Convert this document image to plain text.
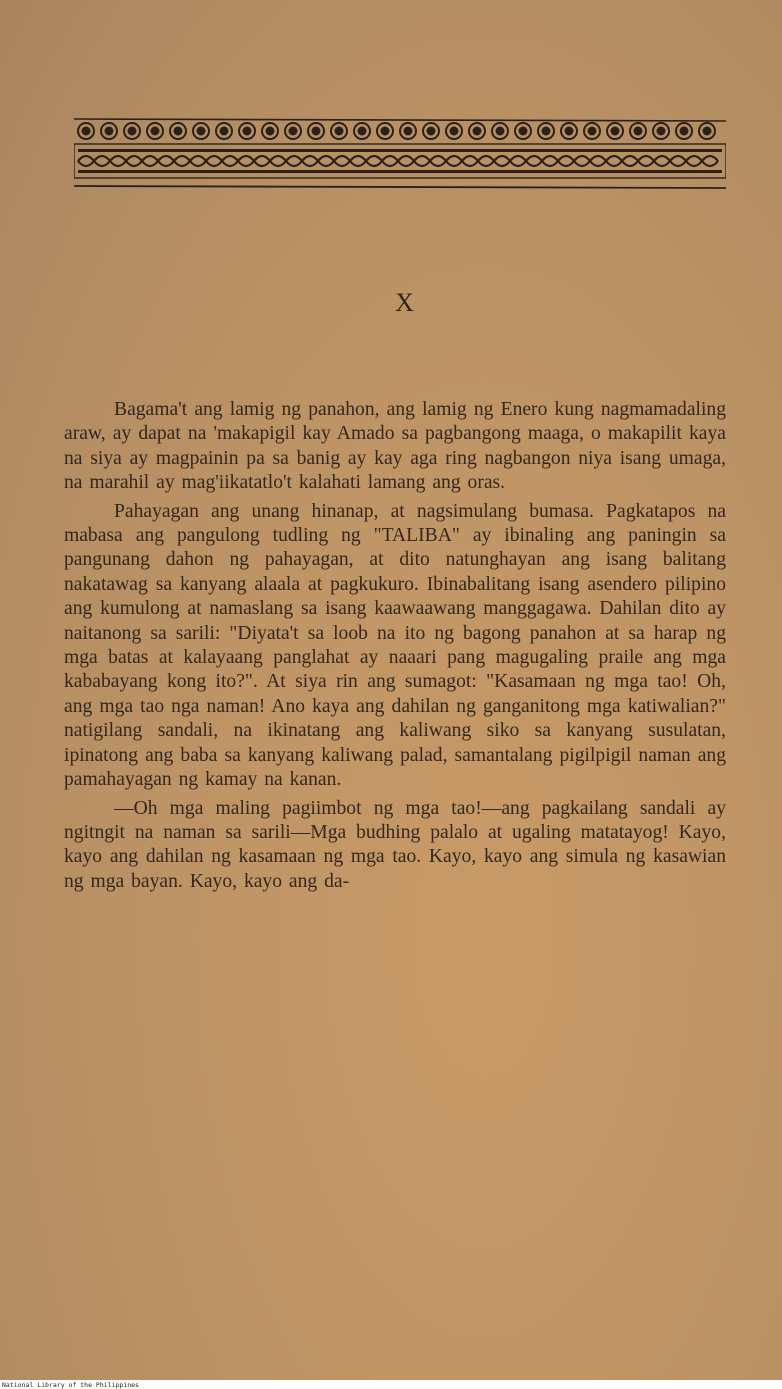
X

Bagama't ang lamig ng panahon, ang lamig ng Enero kung nagmamadaling araw, ay dapat na 'makapigil kay Amado sa pagbangong maaga, o makapilit kaya na siya ay magpainin pa sa banig ay kay aga ring nagbangon niya isang umaga, na marahil ay mag'iikatatlo't kalahati lamang ang oras.

Pahayagan ang unang hinanap, at nagsimulang bumasa. Pagkatapos na mabasa ang pangulong tudling ng "TALIBA" ay ibinaling ang paningin sa pangunang dahon ng pahayagan, at dito natunghayan ang isang balitang nakatawag sa kanyang alaala at pagkukuro. Ibinabalitang isang asendero pilipino ang kumulong at namaslang sa isang kaawaawang manggagawa. Dahilan dito ay naitanong sa sarili: "Diyata't sa loob na ito ng bagong panahon at sa harap ng mga batas at kalayaang panglahat ay naaari pang magugaling praile ang mga kababayang kong ito?". At siya rin ang sumagot: "Kasamaan ng mga tao! Oh, ang mga tao nga naman! Ano kaya ang dahilan ng ganganitong mga katiwalian?" natigilang sandali, na ikinatang ang kaliwang siko sa kanyang susulatan, ipinatong ang baba sa kanyang kaliwang palad, samantalang pigilpigil naman ang pamahayagan ng kamay na kanan.

—Oh mga maling pagiimbot ng mga tao!—ang pagkailang sandali ay ngitngit na naman sa sarili—Mga budhing palalo at ugaling matatayog! Kayo, kayo ang dahilan ng kasamaan ng mga tao. Kayo, kayo ang simula ng kasawian ng mga bayan. Kayo, kayo ang da-

National Library of the Philippines
